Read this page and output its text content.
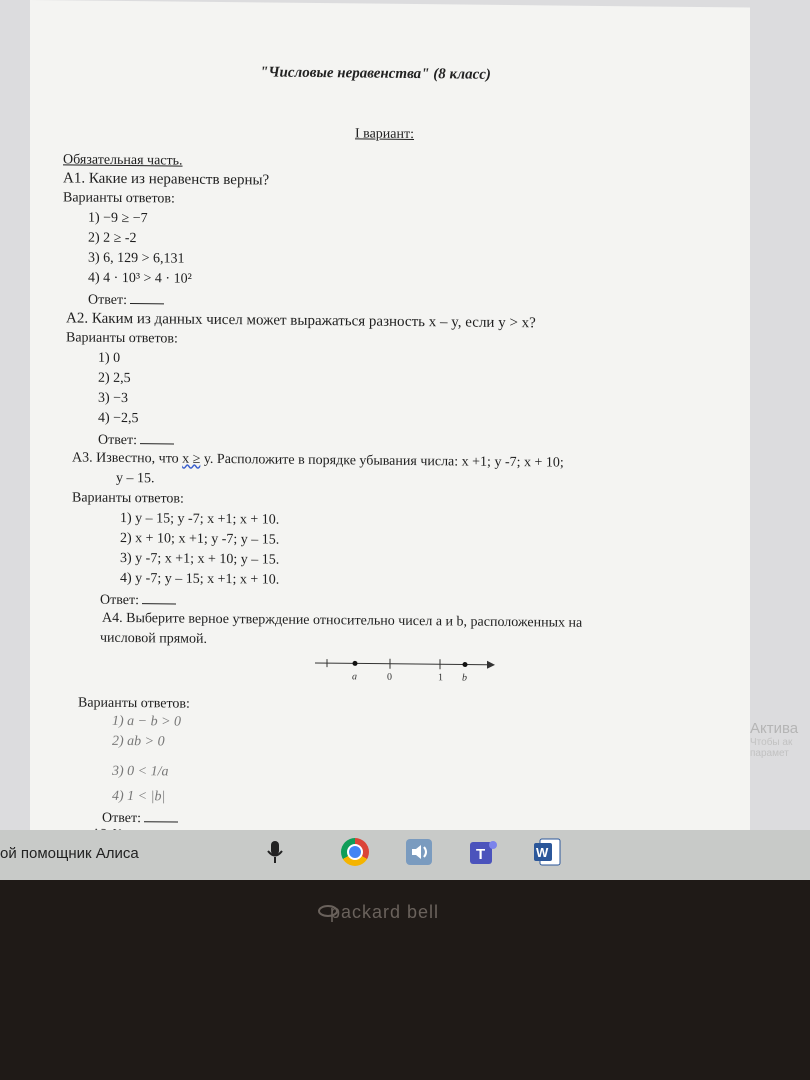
"Числовые неравенства" (8 класс)
I вариант:
Обязательная часть.
А1. Какие из неравенств верны?
Варианты ответов:
1) −9 ≥ −7
2) 2 ≥ -2
3) 6, 129 > 6,131
4) 4 · 10³ > 4 · 10²
Ответ:
А2. Каким из данных чисел может выражаться разность x – y, если y > x?
Варианты ответов:
1) 0
2) 2,5
3) −3
4) −2,5
Ответ:
А3. Известно, что x ≥ y. Расположите в порядке убывания числа: x +1; y -7; x + 10;
y – 15.
Варианты ответов:
1) y – 15; y -7; x +1; x + 10.
2) x + 10; x +1; y -7; y – 15.
3) y -7; x +1; x + 10; y – 15.
4) y -7; y – 15; x +1; x + 10.
Ответ:
А4. Выберите верное утверждение относительно чисел a и b, расположенных на
числовой прямой.
a	0	1 b
Варианты ответов:
1) a − b > 0
2) ab > 0
3) 0 < 1/a
4) 1 < |b|
Ответ:
Актива
Чтобы ак
парамет
ой помощник Алиса	T	W
packard bell
